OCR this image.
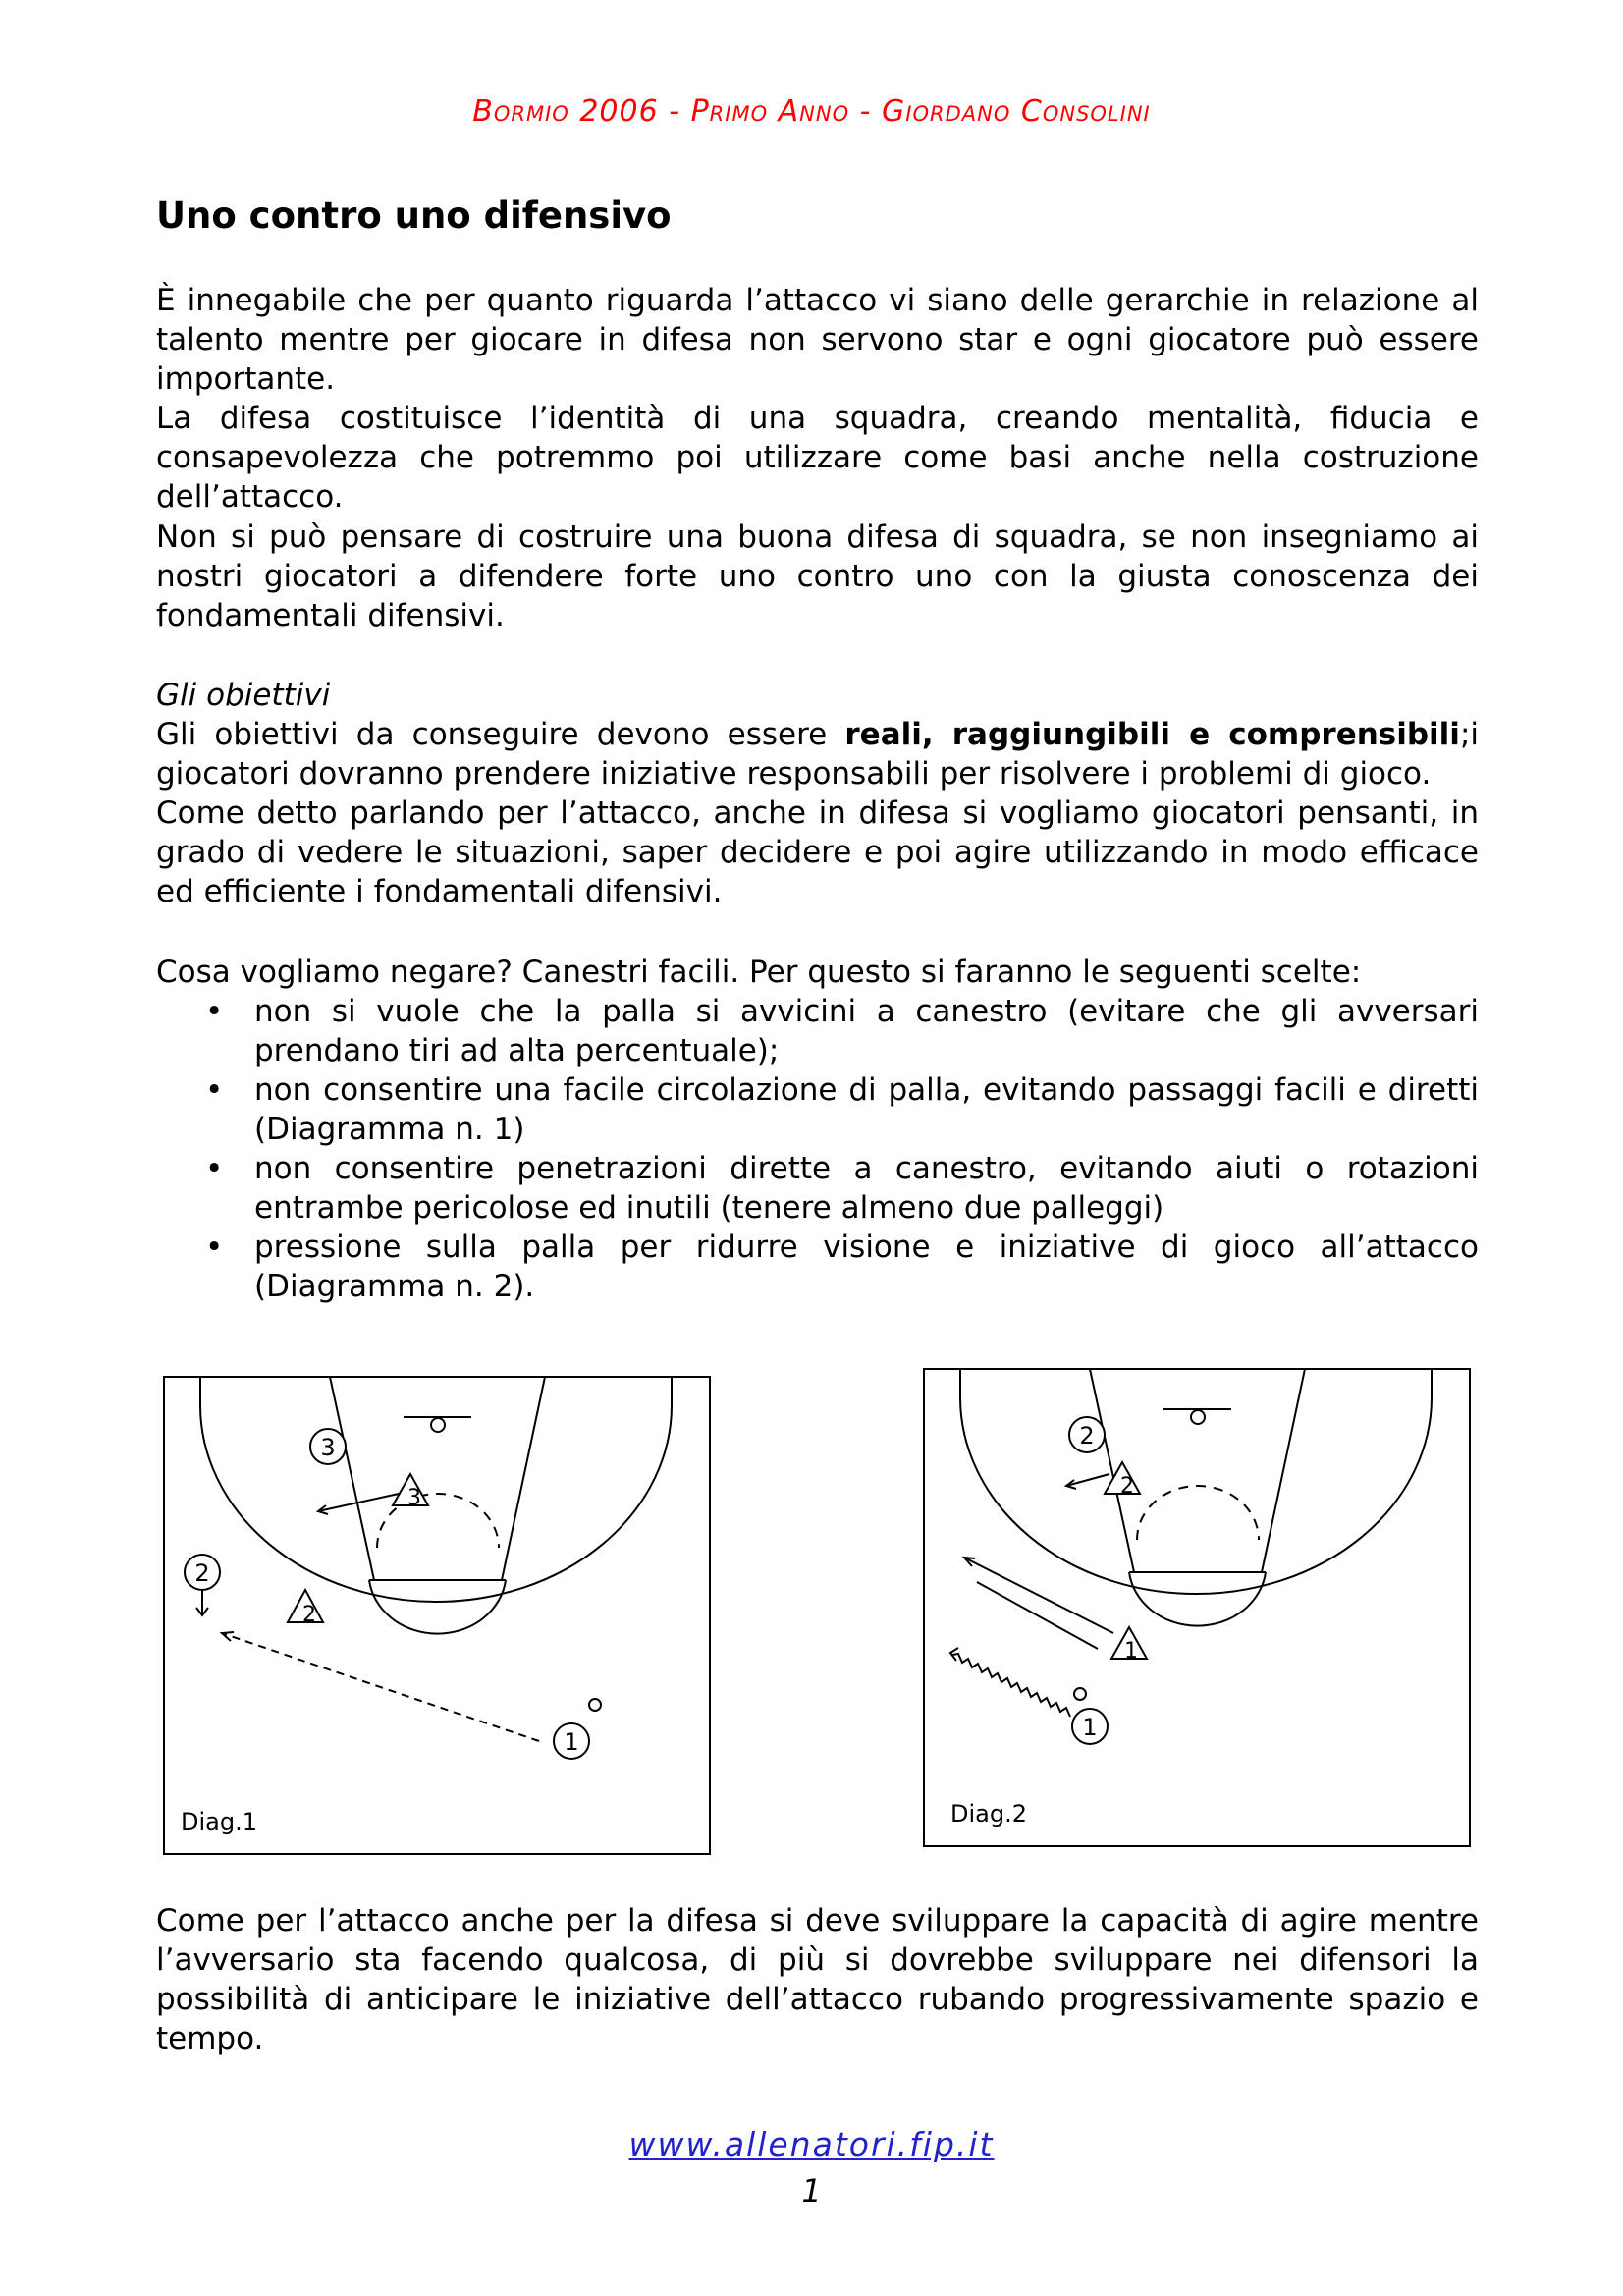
Bormio 2006 - Primo Anno - Giordano Consolini
Uno contro uno difensivo

È innegabile che per quanto riguarda l’attacco vi siano delle gerarchie in relazione al talento mentre per giocare in difesa non servono star e ogni giocatore può essere importante.

La difesa costituisce l’identità di una squadra, creando mentalità, fiducia e consapevolezza che potremmo poi utilizzare come basi anche nella costruzione dell’attacco.

Non si può pensare di costruire una buona difesa di squadra, se non insegniamo ai nostri giocatori a difendere forte uno contro uno con la giusta conoscenza dei fondamentali difensivi.

Gli obiettivi

Gli obiettivi da conseguire devono essere reali, raggiungibili e comprensibili;i giocatori dovranno prendere iniziative responsabili per risolvere i problemi di gioco.

Come detto parlando per l’attacco, anche in difesa si vogliamo giocatori pensanti, in grado di vedere le situazioni, saper decidere e poi agire utilizzando in modo efficace ed efficiente i fondamentali difensivi.

Cosa vogliamo negare? Canestri facili. Per questo si faranno le seguenti scelte:

• non si vuole che la palla si avvicini a canestro (evitare che gli avversari prendano tiri ad alta percentuale);
• non consentire una facile circolazione di palla, evitando passaggi facili e diretti (Diagramma n. 1)
• non consentire penetrazioni dirette a canestro, evitando aiuti o rotazioni entrambe pericolose ed inutili (tenere almeno due palleggi)
• pressione sulla palla per ridurre visione e iniziative di gioco all’attacco (Diagramma n. 2).
3
3
2
2
1
Diag.1
2
2
1
1
Diag.2

Come per l’attacco anche per la difesa si deve sviluppare la capacità di agire mentre l’avversario sta facendo qualcosa, di più si dovrebbe sviluppare nei difensori la possibilità di anticipare le iniziative dell’attacco rubando progressivamente spazio e tempo.

www.allenatori.fip.it
1
